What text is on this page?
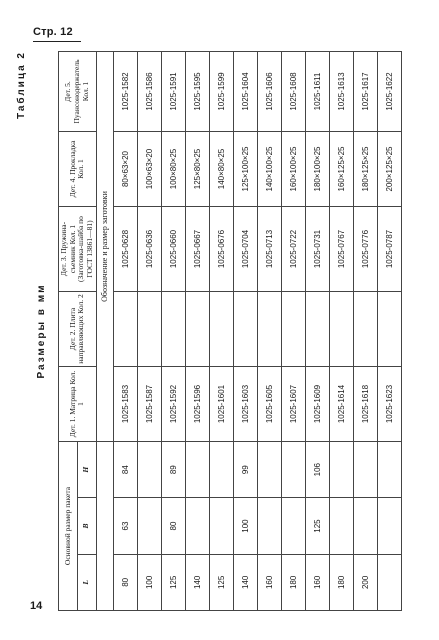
Стр. 12
Таблица 2
Размеры в мм
Основной размер пакета			Дет. 1. Матрица Кол. 1	Дет. 2. Плита направляющих Кол. 2	Дет. 3. Пружина-съемник Кол. 1 (Заготовка-шайба по ГОСТ 13861—81)	Дет. 4. Прокладка Кол. 1	Дет. 5. Пуансонодержатель Кол. 1
L	B	H					
			Обозначение и размер заготовки				
80	63	84	1025-1583		1025-0628	80×63×20	1025-1582
100			1025-1587		1025-0636	100×63×20	1025-1586
125	80	89	1025-1592		1025-0660	100×80×25	1025-1591
140			1025-1596		1025-0667	125×80×25	1025-1595
125			1025-1601		1025-0676	140×80×25	1025-1599
140	100	99	1025-1603		1025-0704	125×100×25	1025-1604
160			1025-1605		1025-0713	140×100×25	1025-1606
180			1025-1607		1025-0722	160×100×25	1025-1608
160	125	106	1025-1609		1025-0731	180×100×25	1025-1611
180			1025-1614		1025-0767	160×125×25	1025-1613
200			1025-1618		1025-0776	180×125×25	1025-1617
			1025-1623		1025-0787	200×125×25	1025-1622
14
